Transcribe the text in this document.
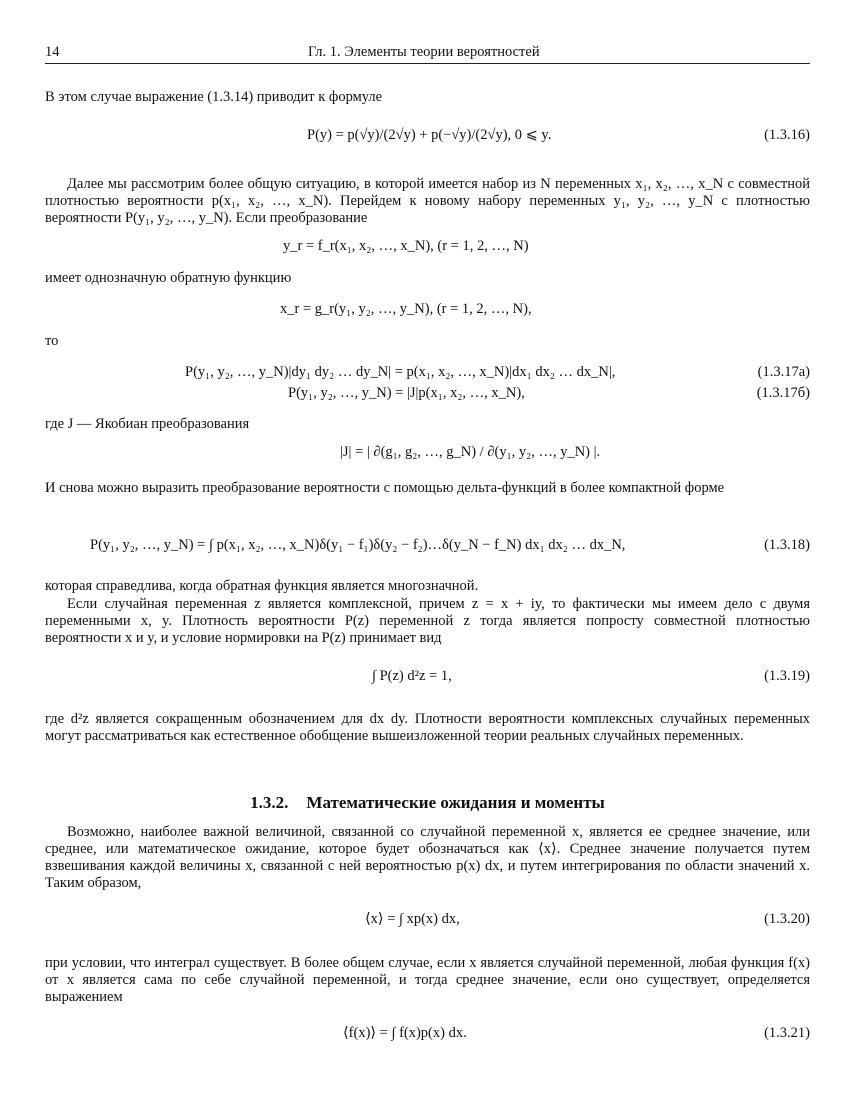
14	Гл. 1. Элементы теории вероятностей

В этом случае выражение (1.3.14) приводит к формуле

P(y) = p(√y)/(2√y) + p(−√y)/(2√y), 0 ⩽ y.	(1.3.16)

Далее мы рассмотрим более общую ситуацию, в которой имеется набор из N переменных x₁, x₂, …, x_N с совместной плотностью вероятности p(x₁, x₂, …, x_N). Перейдем к новому набору переменных y₁, y₂, …, y_N с плотностью вероятности P(y₁, y₂, …, y_N). Если преобразование

y_r = f_r(x₁, x₂, …, x_N), (r = 1, 2, …, N)

имеет однозначную обратную функцию

x_r = g_r(y₁, y₂, …, y_N), (r = 1, 2, …, N),

то

P(y₁, y₂, …, y_N)|dy₁ dy₂ … dy_N| = p(x₁, x₂, …, x_N)|dx₁ dx₂ … dx_N|,	(1.3.17а)
P(y₁, y₂, …, y_N) = |J|p(x₁, x₂, …, x_N),	(1.3.17б)

где J — Якобиан преобразования

|J| = | ∂(g₁, g₂, …, g_N) / ∂(y₁, y₂, …, y_N) |.

И снова можно выразить преобразование вероятности с помощью дельта-функций в более компактной форме

P(y₁, y₂, …, y_N) = ∫ p(x₁, x₂, …, x_N)δ(y₁ − f₁)δ(y₂ − f₂)…δ(y_N − f_N) dx₁ dx₂ … dx_N,	(1.3.18)

которая справедлива, когда обратная функция является многозначной.

Если случайная переменная z является комплексной, причем z = x + iy, то фактически мы имеем дело с двумя переменными x, y. Плотность вероятности P(z) переменной z тогда является попросту совместной плотностью вероятности x и y, и условие нормировки на P(z) принимает вид

∫ P(z) d²z = 1,	(1.3.19)

где d²z является сокращенным обозначением для dx dy. Плотности вероятности комплексных случайных переменных могут рассматриваться как естественное обобщение вышеизложенной теории реальных случайных переменных.

1.3.2. Математические ожидания и моменты

Возможно, наиболее важной величиной, связанной со случайной переменной x, является ее среднее значение, или среднее, или математическое ожидание, которое будет обозначаться как ⟨x⟩. Среднее значение получается путем взвешивания каждой величины x, связанной с ней вероятностью p(x) dx, и путем интегрирования по области значений x. Таким образом,

⟨x⟩ = ∫ xp(x) dx,	(1.3.20)

при условии, что интеграл существует. В более общем случае, если x является случайной переменной, любая функция f(x) от x является сама по себе случайной переменной, и тогда среднее значение, если оно существует, определяется выражением

⟨f(x)⟩ = ∫ f(x)p(x) dx.	(1.3.21)
